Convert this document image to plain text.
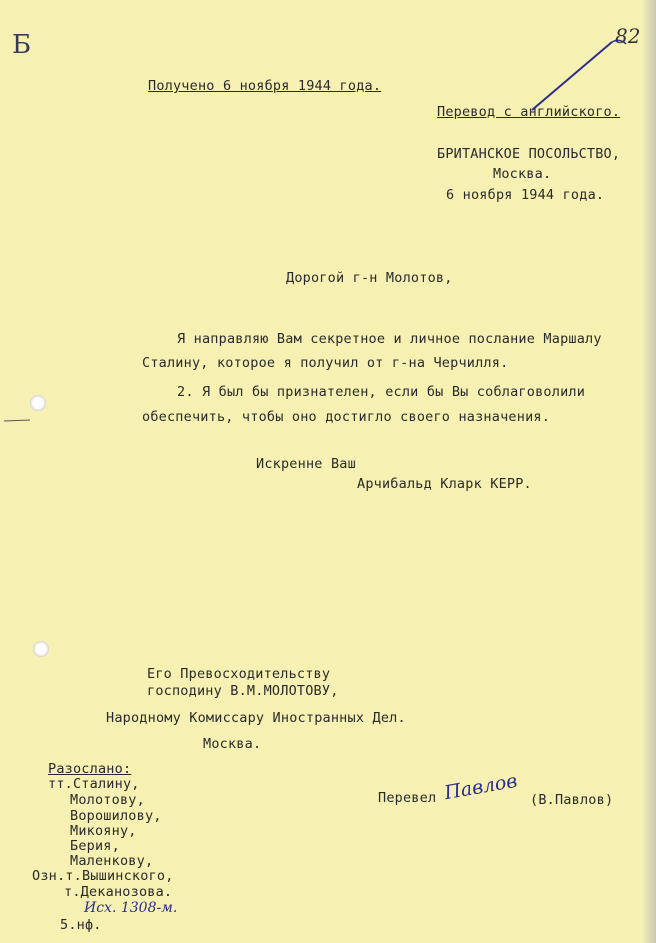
Б	82
Получено 6 ноября 1944 года.
Перевод с английского.
БРИТАНСКОЕ ПОСОЛЬСТВО,
Москва.
6 ноября 1944 года.
Дорогой г-н Молотов,
Я направляю Вам секретное и личное послание Маршалу
Сталину, которое я получил от г-на Черчилля.
2. Я был бы признателен, если бы Вы соблаговолили
обеспечить, чтобы оно достигло своего назначения.
Искренне Ваш
Арчибальд Кларк КЕРР.
Его Превосходительству
господину В.М.МОЛОТОВУ,
Народному Комиссару Иностранных Дел.
Москва.
Разослано:
тт.Сталину,
Молотову,
Ворошилову,
Микояну,
Берия,
Маленкову,
Озн.т.Вышинского,
т.Деканозова.
Исх. 1308-м.
5.нф.
Перевел Павлов (В.Павлов)
